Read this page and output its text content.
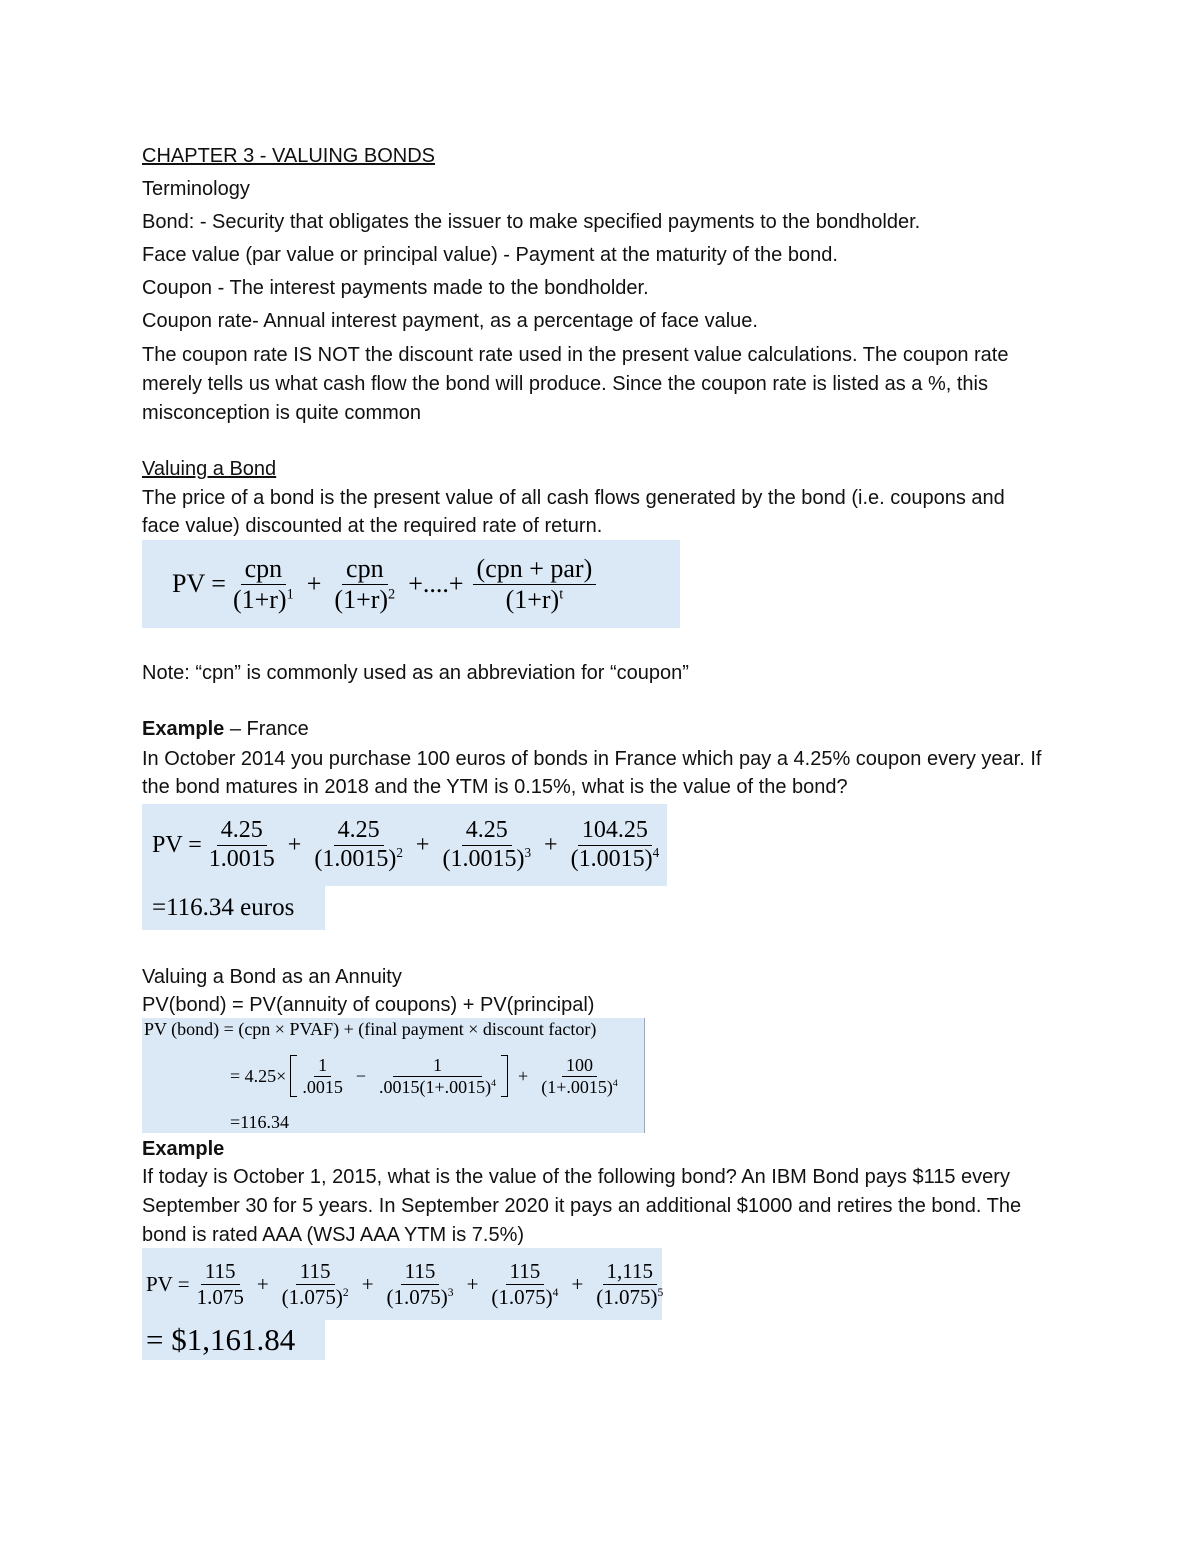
CHAPTER 3 - VALUING BONDS
Terminology
Bond: - Security that obligates the issuer to make specified payments to the bondholder.
Face value (par value or principal value) - Payment at the maturity of the bond.
Coupon - The interest payments made to the bondholder.
Coupon rate- Annual interest payment, as a percentage of face value.
The coupon rate IS NOT the discount rate used in the present value calculations. The coupon rate merely tells us what cash flow the bond will produce. Since the coupon rate is listed as a %, this misconception is quite common
Valuing a Bond
The price of a bond is the present value of all cash flows generated by the bond (i.e. coupons and face value) discounted at the required rate of return.
PV = $\frac{\text{cpn}}{(1+r)^1} + \frac{\text{cpn}}{(1+r)^2}$ +....+ $\frac{\text{(cpn + par)}}{(1+r)^t}$
Note: “cpn” is commonly used as an abbreviation for “coupon”
Example – France
In October 2014 you purchase 100 euros of bonds in France which pay a 4.25% coupon every year. If the bond matures in 2018 and the YTM is 0.15%, what is the value of the bond?
PV = $\frac{4.25}{1.0015} + \frac{4.25}{(1.0015)^2} + \frac{4.25}{(1.0015)^3} + \frac{104.25}{(1.0015)^4}$
=116.34 euros
Valuing a Bond as an Annuity
PV(bond) = PV(annuity of coupons) + PV(principal)
PV (bond) = (cpn × PVAF) + (final payment × discount factor)
= $4.25\times \frac{1}{.0015} - \frac{1}{.0015(1+.0015)^4} + \frac{100}{(1+.0015)^4}$
=116.34
Example
If today is October 1, 2015, what is the value of the following bond? An IBM Bond pays $115 every September 30 for 5 years. In September 2020 it pays an additional $1000 and retires the bond. The bond is rated AAA (WSJ AAA YTM is 7.5%)
PV = $\frac{115}{1.075} + \frac{115}{(1.075)^2} + \frac{115}{(1.075)^3} + \frac{115}{(1.075)^4} + \frac{1,115}{(1.075)^5}$
= $1,161.84
